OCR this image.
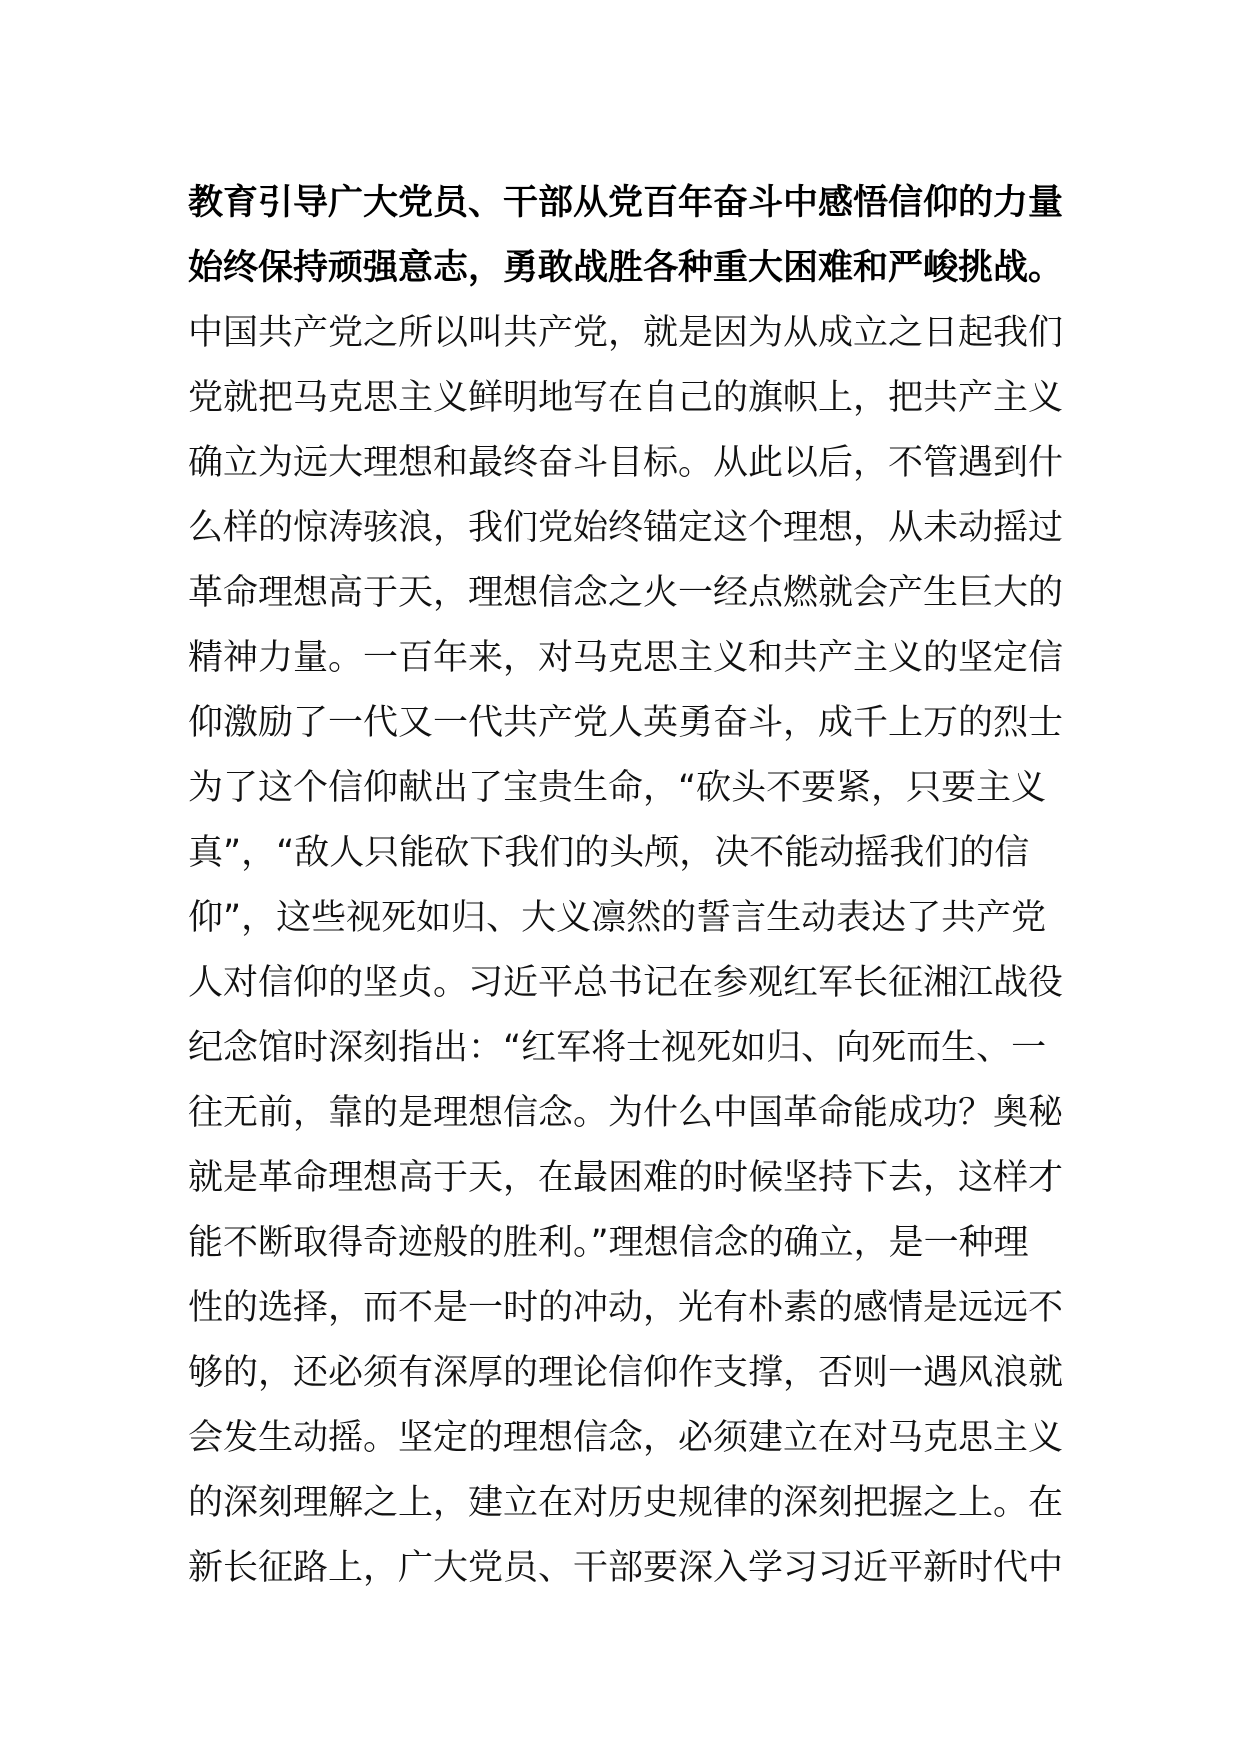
教育引导广大党员、干部从党百年奋斗中感悟信仰的力量
始终保持顽强意志，勇敢战胜各种重大困难和严峻挑战。
中国共产党之所以叫共产党，就是因为从成立之日起我们
党就把马克思主义鲜明地写在自己的旗帜上，把共产主义
确立为远大理想和最终奋斗目标。从此以后，不管遇到什
么样的惊涛骇浪，我们党始终锚定这个理想，从未动摇过
革命理想高于天，理想信念之火一经点燃就会产生巨大的
精神力量。一百年来，对马克思主义和共产主义的坚定信
仰激励了一代又一代共产党人英勇奋斗，成千上万的烈士
为了这个信仰献出了宝贵生命，“砍头不要紧，只要主义
真”，“敌人只能砍下我们的头颅，决不能动摇我们的信
仰”，这些视死如归、大义凛然的誓言生动表达了共产党
人对信仰的坚贞。习近平总书记在参观红军长征湘江战役
纪念馆时深刻指出：“红军将士视死如归、向死而生、一
往无前，靠的是理想信念。为什么中国革命能成功？奥秘
就是革命理想高于天，在最困难的时候坚持下去，这样才
能不断取得奇迹般的胜利。”理想信念的确立，是一种理
性的选择，而不是一时的冲动，光有朴素的感情是远远不
够的，还必须有深厚的理论信仰作支撑，否则一遇风浪就
会发生动摇。坚定的理想信念，必须建立在对马克思主义
的深刻理解之上，建立在对历史规律的深刻把握之上。在
新长征路上，广大党员、干部要深入学习习近平新时代中
